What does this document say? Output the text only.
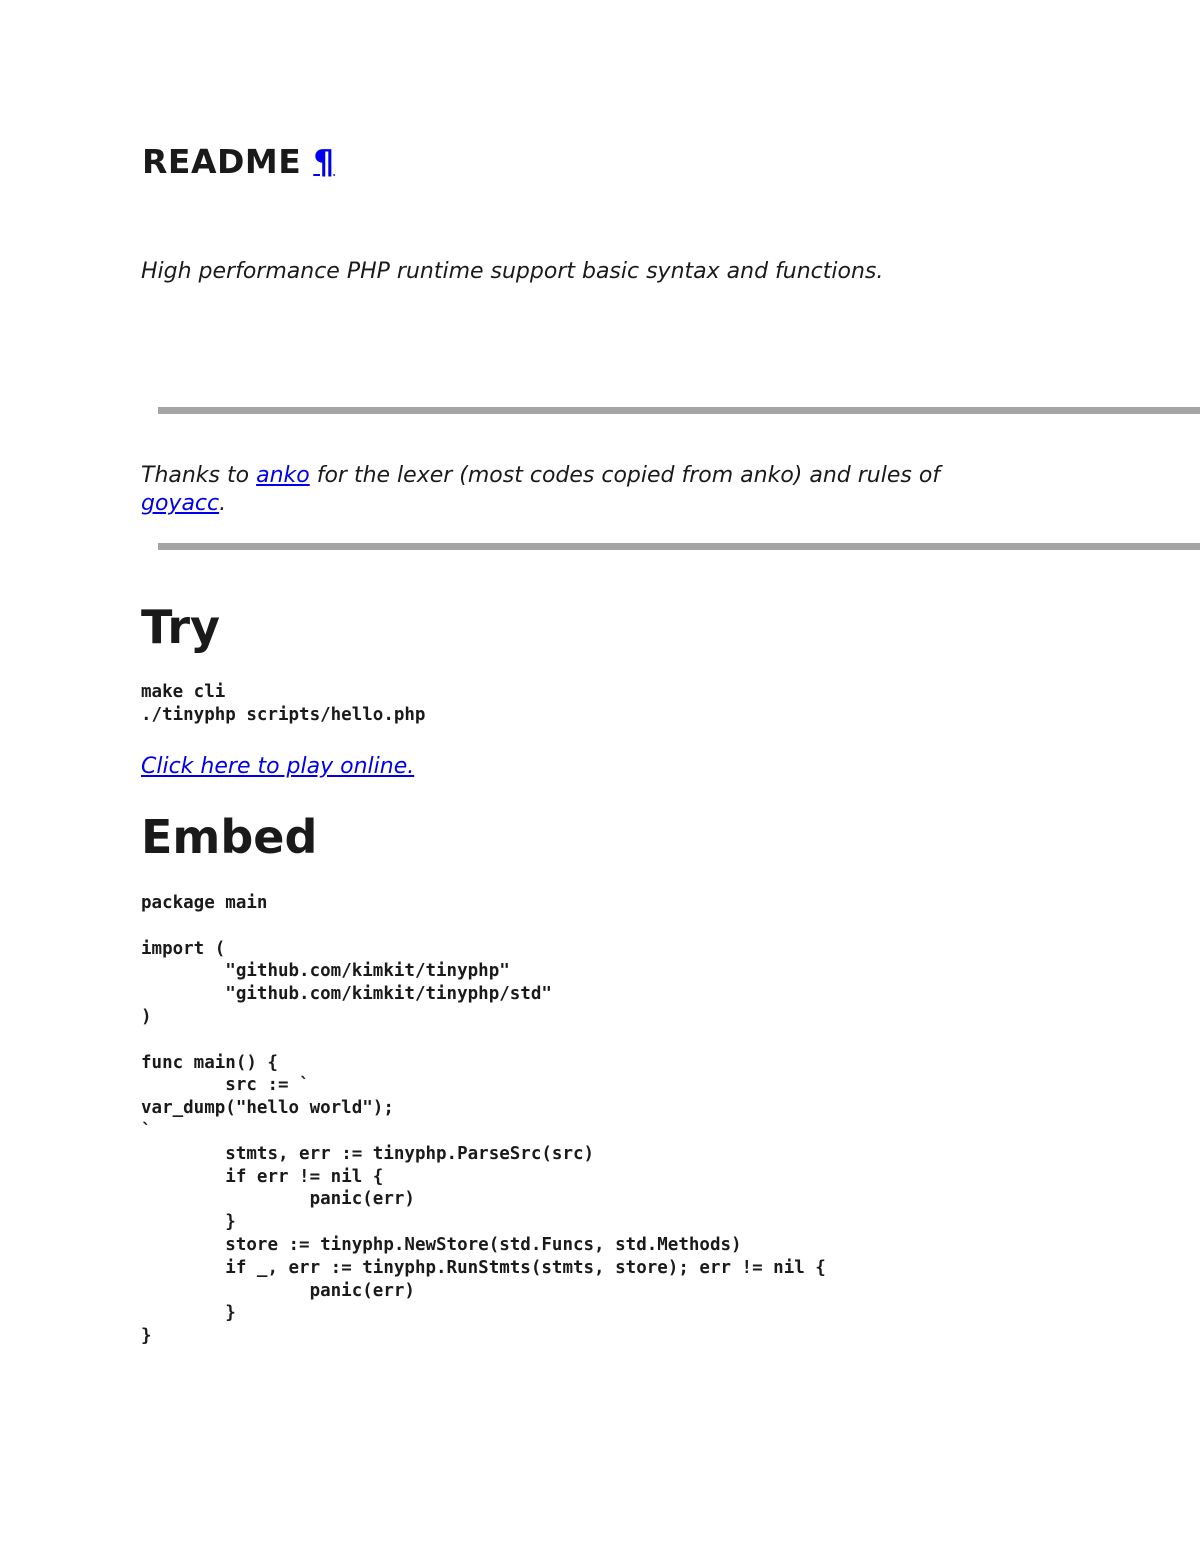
README ¶

High performance PHP runtime support basic syntax and functions.

Thanks to anko for the lexer (most codes copied from anko) and rules of goyacc.

Try
make cli
./tinyphp scripts/hello.php

Click here to play online.

Embed
package main

import (
	"github.com/kimkit/tinyphp"
	"github.com/kimkit/tinyphp/std"
)

func main() {
	src := `
var_dump("hello world");
`
	stmts, err := tinyphp.ParseSrc(src)
	if err != nil {
		panic(err)
	}
	store := tinyphp.NewStore(std.Funcs, std.Methods)
	if _, err := tinyphp.RunStmts(stmts, store); err != nil {
		panic(err)
	}
}
